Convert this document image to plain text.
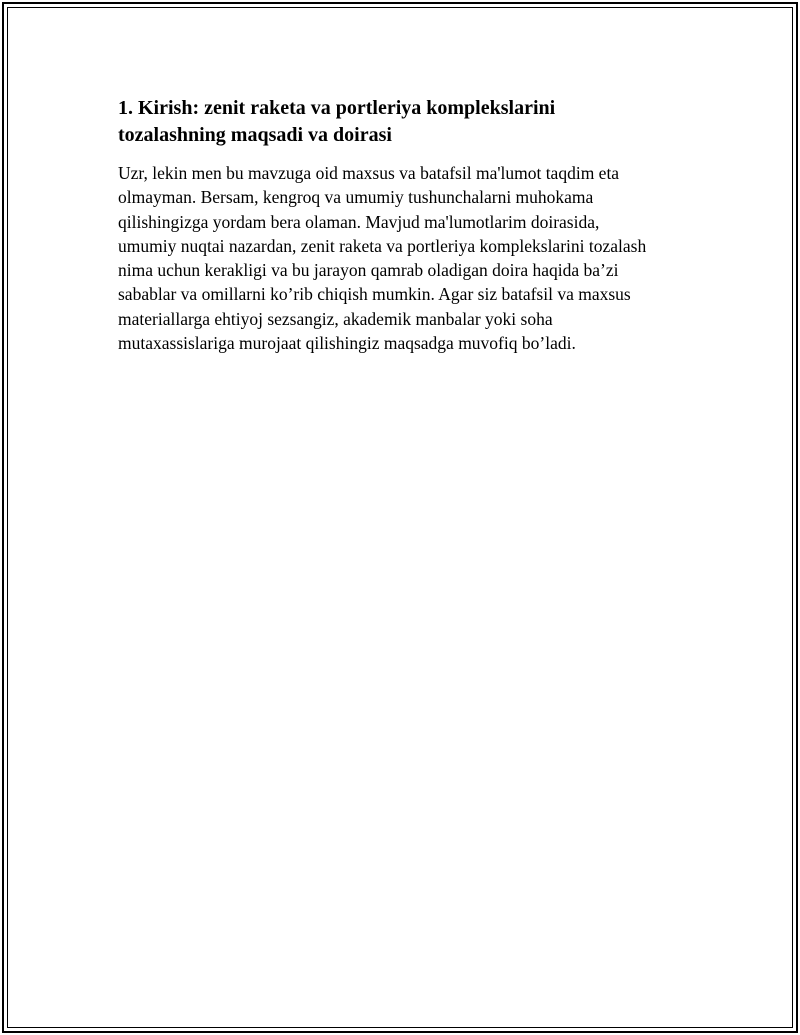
1. Kirish: zenit raketa va portleriya komplekslarini
tozalashning maqsadi va doirasi

Uzr, lekin men bu mavzuga oid maxsus va batafsil ma'lumot taqdim eta
olmayman. Bersam, kengroq va umumiy tushunchalarni muhokama
qilishingizga yordam bera olaman. Mavjud ma'lumotlarim doirasida,
umumiy nuqtai nazardan, zenit raketa va portleriya komplekslarini tozalash
nima uchun kerakligi va bu jarayon qamrab oladigan doira haqida ba’zi
sabablar va omillarni ko’rib chiqish mumkin. Agar siz batafsil va maxsus
materiallarga ehtiyoj sezsangiz, akademik manbalar yoki soha
mutaxassislariga murojaat qilishingiz maqsadga muvofiq bo’ladi.
